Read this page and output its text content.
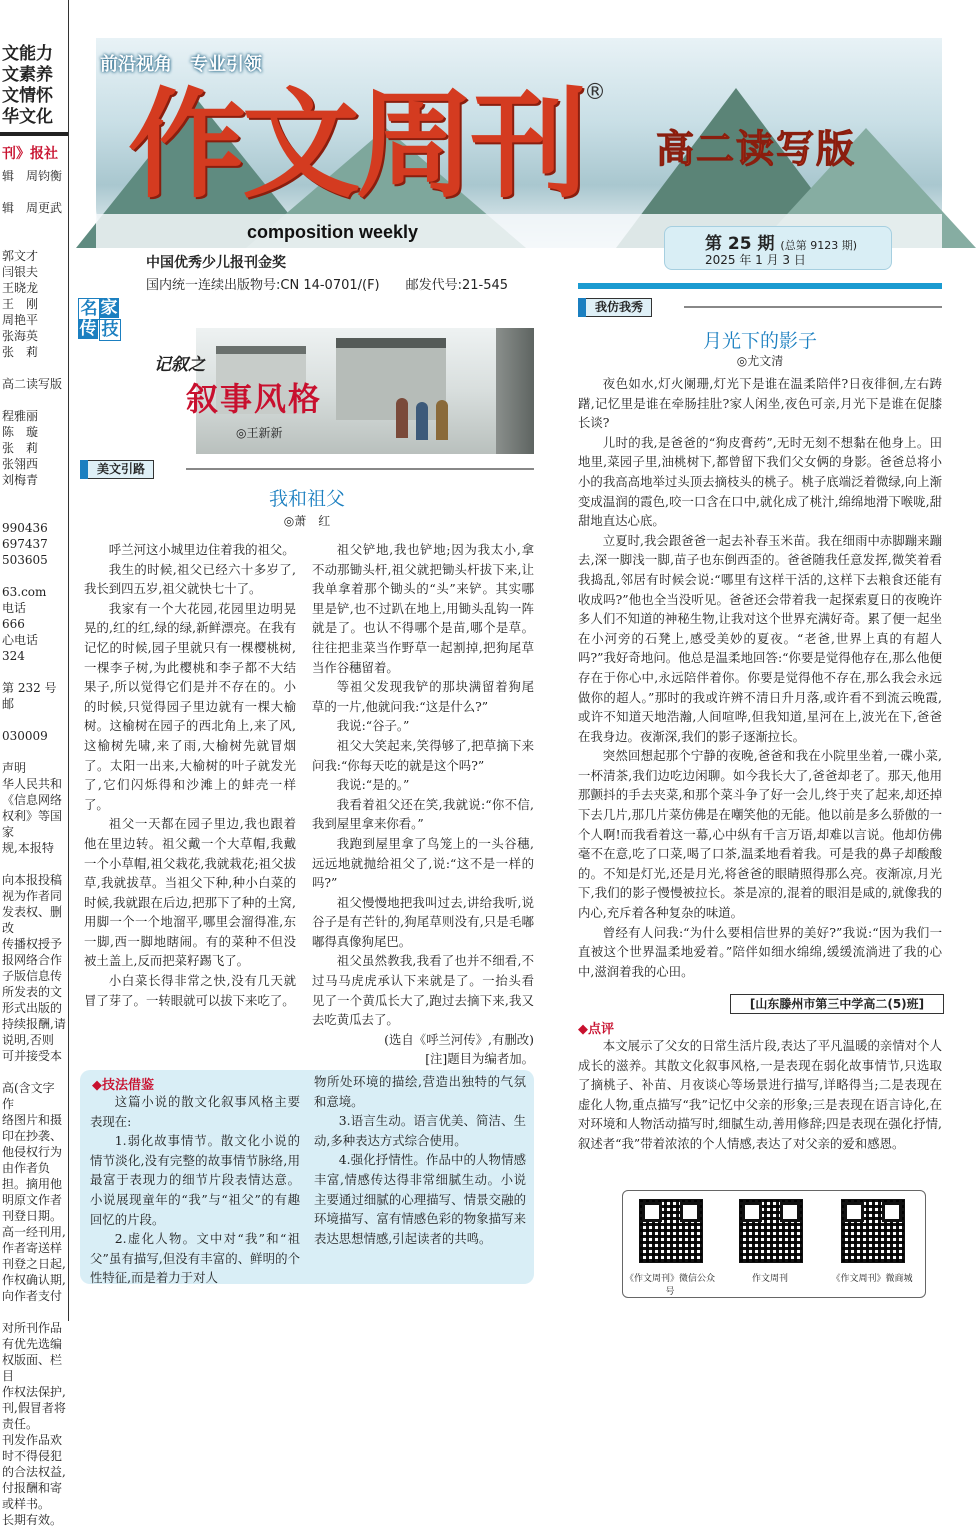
文能力
文素养
文情怀
华文化
刊》报社
辑　周钧衡

辑　周更武

郭文才
闫银夫
王晓龙
王　刚
周艳平
张海英
张　莉

高二读写版

程雅丽
陈　璇
张　莉
张翎西
刘梅青

990436
697437
503605

63.com
电话
666
心电话
324

第 232 号邮

030009

声明
华人民共和
《信息网络
权利》等国家
规,本报特

向本报投稿
视为作者同
发表权、删改
传播权授予
报网络合作
子版信息传
所发表的文
形式出版的
持续报酬,请
说明,否则
可并接受本

高(含文字作
络图片和摄
印在抄袭、
他侵权行为
由作者负
担。摘用他
明原文作者
刊登日期。
高一经刊用,
作者寄送样
刊登之日起,
作权确认期,
向作者支付

对所刊作品
有优先选编
权版面、栏目
作权法保护,
刊,假冒者将
责任。
刊发作品欢
时不得侵犯
的合法权益,
付报酬和寄
或样书。
长期有效。
前沿视角　专业引领
作文周刊 ®
高二读写版
composition weekly
中国优秀少儿报刊金奖
国内统一连续出版物号:CN 14-0701/(F)　　邮发代号:21-545
第 25 期 (总第 9123 期)
2025 年 1 月 3 日
名 家
传 技
记叙之
叙事风格
◎王新新
美文引路
我和祖父
◎萧　红

呼兰河这小城里边住着我的祖父。

我生的时候,祖父已经六十多岁了,我长到四五岁,祖父就快七十了。

我家有一个大花园,花园里边明晃晃的,红的红,绿的绿,新鲜漂亮。在我有记忆的时候,园子里就只有一棵樱桃树,一棵李子树,为此樱桃和李子都不大结果子,所以觉得它们是并不存在的。小的时候,只觉得园子里边就有一棵大榆树。这榆树在园子的西北角上,来了风,这榆树先啸,来了雨,大榆树先就冒烟了。太阳一出来,大榆树的叶子就发光了,它们闪烁得和沙滩上的蚌壳一样了。

祖父一天都在园子里边,我也跟着他在里边转。祖父戴一个大草帽,我戴一个小草帽,祖父栽花,我就栽花;祖父拔草,我就拔草。当祖父下种,种小白菜的时候,我就跟在后边,把那下了种的土窝,用脚一个一个地溜平,哪里会溜得准,东一脚,西一脚地瞎闹。有的菜种不但没被土盖上,反而把菜籽踢飞了。

小白菜长得非常之快,没有几天就冒了芽了。一转眼就可以拔下来吃了。

祖父铲地,我也铲地;因为我太小,拿不动那锄头杆,祖父就把锄头杆拔下来,让我单拿着那个锄头的“头”来铲。其实哪里是铲,也不过趴在地上,用锄头乱钩一阵就是了。也认不得哪个是苗,哪个是草。往往把韭菜当作野草一起割掉,把狗尾草当作谷穗留着。

等祖父发现我铲的那块满留着狗尾草的一片,他就问我:“这是什么?”

我说:“谷子。”

祖父大笑起来,笑得够了,把草摘下来问我:“你每天吃的就是这个吗?”

我说:“是的。”

我看着祖父还在笑,我就说:“你不信,我到屋里拿来你看。”

我跑到屋里拿了鸟笼上的一头谷穗,远远地就抛给祖父了,说:“这不是一样的吗?”

祖父慢慢地把我叫过去,讲给我听,说谷子是有芒针的,狗尾草则没有,只是毛嘟嘟得真像狗尾巴。

祖父虽然教我,我看了也并不细看,不过马马虎虎承认下来就是了。一抬头看见了一个黄瓜长大了,跑过去摘下来,我又去吃黄瓜去了。

(选自《呼兰河传》,有删改)

[注]题目为编者加。

◆技法借鉴

这篇小说的散文化叙事风格主要表现在:

1.弱化故事情节。散文化小说的情节淡化,没有完整的故事情节脉络,用最富于表现力的细节片段表情达意。小说展现童年的“我”与“祖父”的有趣回忆的片段。

2.虚化人物。文中对“我”和“祖父”虽有描写,但没有丰富的、鲜明的个性特征,而是着力于对人

物所处环境的描绘,营造出独特的气氛和意境。

3.语言生动。语言优美、简洁、生动,多种表达方式综合使用。

4.强化抒情性。作品中的人物情感丰富,情感传达得非常细腻生动。小说主要通过细腻的心理描写、情景交融的环境描写、富有情感色彩的物象描写来表达思想情感,引起读者的共鸣。

我仿我秀
月光下的影子
◎尤文清

夜色如水,灯火阑珊,灯光下是谁在温柔陪伴?日夜徘徊,左右踌躇,记忆里是谁在牵肠挂肚?家人闲坐,夜色可亲,月光下是谁在促膝长谈?

儿时的我,是爸爸的“狗皮膏药”,无时无刻不想黏在他身上。田地里,菜园子里,油桃树下,都曾留下我们父女俩的身影。爸爸总将小小的我高高地举过头顶去摘枝头的桃子。桃子底端泛着微绿,向上渐变成温润的霞色,咬一口含在口中,就化成了桃汁,绵绵地滑下喉咙,甜甜地直达心底。

立夏时,我会跟爸爸一起去补春玉米苗。我在细雨中赤脚蹦来蹦去,深一脚浅一脚,苗子也东倒西歪的。爸爸随我任意发挥,微笑着看我捣乱,邻居有时候会说:“哪里有这样干活的,这样下去粮食还能有收成吗?”他也全当没听见。爸爸还会带着我一起探索夏日的夜晚许多人们不知道的神秘生物,让我对这个世界充满好奇。累了便一起坐在小河旁的石凳上,感受美妙的夏夜。“老爸,世界上真的有超人吗?”我好奇地问。他总是温柔地回答:“你要是觉得他存在,那么他便存在于你心中,永远陪伴着你。你要是觉得他不存在,那么我会永远做你的超人。”那时的我或许辨不清日升月落,或许看不到流云晚霞,或许不知道天地浩瀚,人间喧哗,但我知道,星河在上,波光在下,爸爸在我身边。夜渐深,我们的影子逐渐拉长。

突然回想起那个宁静的夜晚,爸爸和我在小院里坐着,一碟小菜,一杯清茶,我们边吃边闲聊。如今我长大了,爸爸却老了。那天,他用那颤抖的手去夹菜,和那个菜斗争了好一会儿,终于夹了起来,却还掉下去几片,那几片菜仿佛是在嘲笑他的无能。他以前是多么骄傲的一个人啊!而我看着这一幕,心中纵有千言万语,却难以言说。他却仿佛毫不在意,吃了口菜,喝了口茶,温柔地看着我。可是我的鼻子却酸酸的。不知是灯光,还是月光,将爸爸的眼睛照得那么亮。夜渐凉,月光下,我们的影子慢慢被拉长。茶是凉的,混着的眼泪是咸的,就像我的内心,充斥着各种复杂的味道。

曾经有人问我:“为什么要相信世界的美好?”我说:“因为我们一直被这个世界温柔地爱着。”陪伴如细水绵绵,缓缓流淌进了我的心中,滋润着我的心田。

[山东滕州市第三中学高二(5)班]
◆点评

本文展示了父女的日常生活片段,表达了平凡温暖的亲情对个人成长的滋养。其散文化叙事风格,一是表现在弱化故事情节,只选取了摘桃子、补苗、月夜谈心等场景进行描写,详略得当;二是表现在虚化人物,重点描写“我”记忆中父亲的形象;三是表现在语言诗化,在对环境和人物活动描写时,细腻生动,善用修辞;四是表现在强化抒情,叙述者“我”带着浓浓的个人情感,表达了对父亲的爱和感恩。

《作文周刊》微信公众号
作文周刊	《作文周刊》微商城
